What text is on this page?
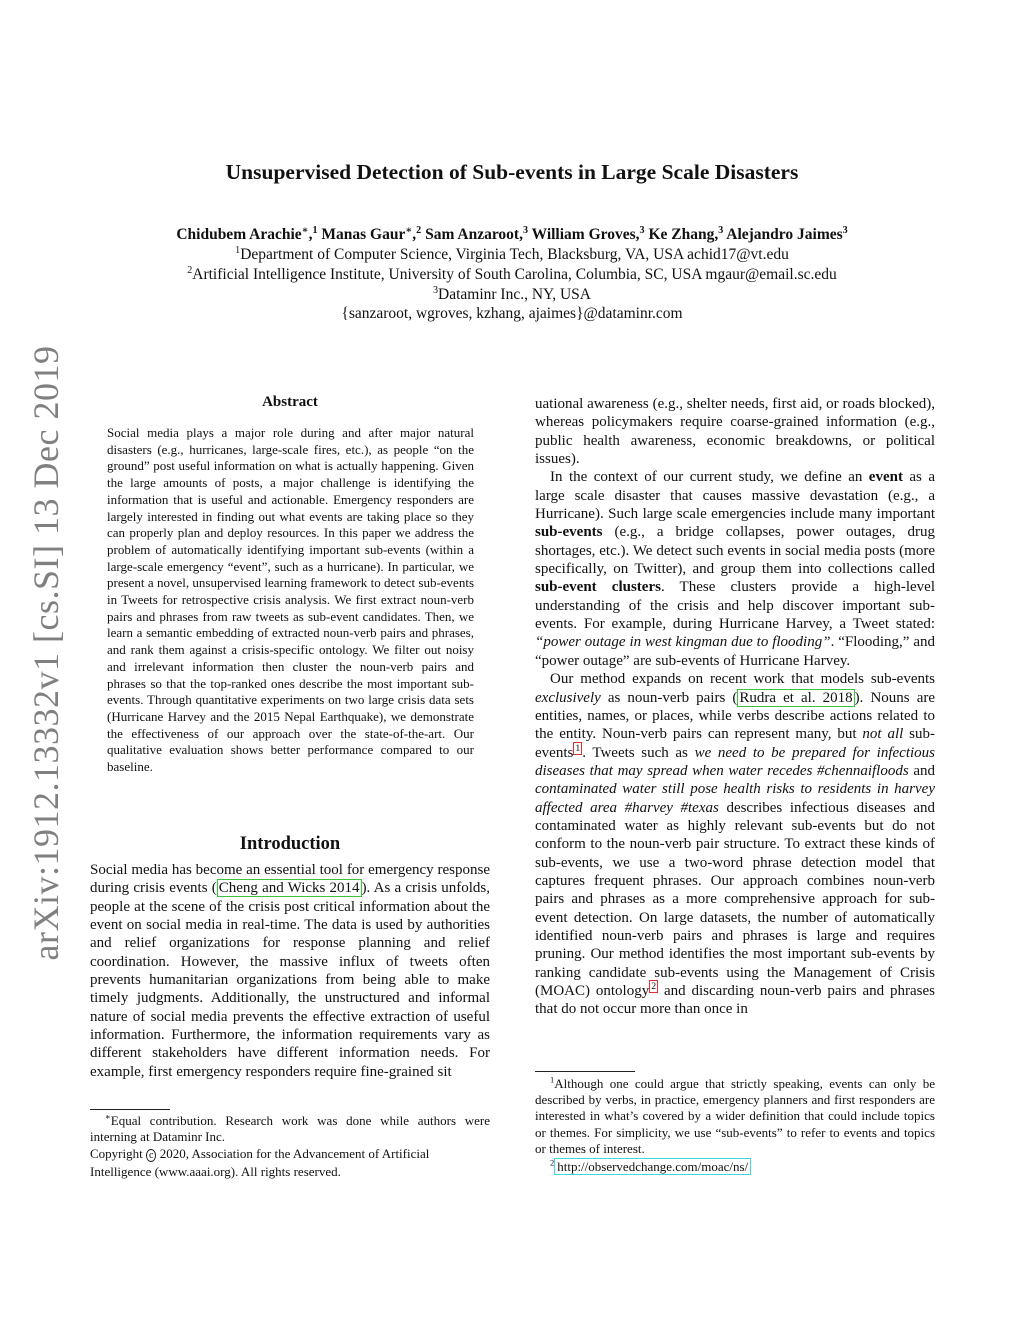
arXiv:1912.13332v1 [cs.SI] 13 Dec 2019
Unsupervised Detection of Sub-events in Large Scale Disasters
Chidubem Arachie∗,$^1$ Manas Gaur∗,$^2$ Sam Anzaroot,$^3$ William Groves,$^3$ Ke Zhang,$^3$ Alejandro Jaimes$^3$
$^1$Department of Computer Science, Virginia Tech, Blacksburg, VA, USA achid17@vt.edu
$^2$Artificial Intelligence Institute, University of South Carolina, Columbia, SC, USA mgaur@email.sc.edu
$^3$Dataminr Inc., NY, USA
{sanzaroot, wgroves, kzhang, ajaimes}@dataminr.com
Abstract
Social media plays a major role during and after major natural disasters (e.g., hurricanes, large-scale fires, etc.), as people “on the ground” post useful information on what is actually happening. Given the large amounts of posts, a major challenge is identifying the information that is useful and actionable. Emergency responders are largely interested in finding out what events are taking place so they can properly plan and deploy resources. In this paper we address the problem of automatically identifying important sub-events (within a large-scale emergency “event”, such as a hurricane). In particular, we present a novel, unsupervised learning framework to detect sub-events in Tweets for retrospective crisis analysis. We first extract noun-verb pairs and phrases from raw tweets as sub-event candidates. Then, we learn a semantic embedding of extracted noun-verb pairs and phrases, and rank them against a crisis-specific ontology. We filter out noisy and irrelevant information then cluster the noun-verb pairs and phrases so that the top-ranked ones describe the most important sub-events. Through quantitative experiments on two large crisis data sets (Hurricane Harvey and the 2015 Nepal Earthquake), we demonstrate the effectiveness of our approach over the state-of-the-art. Our qualitative evaluation shows better performance compared to our baseline.
Introduction

Social media has become an essential tool for emergency response during crisis events ( Cheng and Wicks 2014 ). As a crisis unfolds, people at the scene of the crisis post critical information about the event on social media in real-time. The data is used by authorities and relief organizations for response planning and relief coordination. However, the massive influx of tweets often prevents humanitarian organizations from being able to make timely judgments. Additionally, the unstructured and informal nature of social media prevents the effective extraction of useful information. Furthermore, the information requirements vary as different stakeholders have different information needs. For example, first emergency responders require fine-grained sit

∗Equal contribution. Research work was done while authors were interning at Dataminr Inc.

Copyright c 2020, Association for the Advancement of Artificial Intelligence (www.aaai.org). All rights reserved.

uational awareness (e.g., shelter needs, first aid, or roads blocked), whereas policymakers require coarse-grained information (e.g., public health awareness, economic breakdowns, or political issues).

In the context of our current study, we define an event as a large scale disaster that causes massive devastation (e.g., a Hurricane). Such large scale emergencies include many important sub-events (e.g., a bridge collapses, power outages, drug shortages, etc.). We detect such events in social media posts (more specifically, on Twitter), and group them into collections called sub-event clusters. These clusters provide a high-level understanding of the crisis and help discover important sub-events. For example, during Hurricane Harvey, a Tweet stated: “power outage in west kingman due to flooding”. “Flooding,” and “power outage” are sub-events of Hurricane Harvey.

Our method expands on recent work that models sub-events exclusively as noun-verb pairs ( Rudra et al. 2018 ). Nouns are entities, names, or places, while verbs describe actions related to the entity. Noun-verb pairs can represent many, but not all sub-events $^1$ . Tweets such as we need to be prepared for infectious diseases that may spread when water recedes #chennaifloods and contaminated water still pose health risks to residents in harvey affected area #harvey #texas describes infectious diseases and contaminated water as highly relevant sub-events but do not conform to the noun-verb pair structure. To extract these kinds of sub-events, we use a two-word phrase detection model that captures frequent phrases. Our approach combines noun-verb pairs and phrases as a more comprehensive approach for sub-event detection. On large datasets, the number of automatically identified noun-verb pairs and phrases is large and requires pruning. Our method identifies the most important sub-events by ranking candidate sub-events using the Management of Crisis (MOAC) ontology $^2$ and discarding noun-verb pairs and phrases that do not occur more than once in

$^1$Although one could argue that strictly speaking, events can only be described by verbs, in practice, emergency planners and first responders are interested in what’s covered by a wider definition that could include topics or themes. For simplicity, we use “sub-events” to refer to events and topics or themes of interest.

$^2$ http://observedchange.com/moac/ns/
